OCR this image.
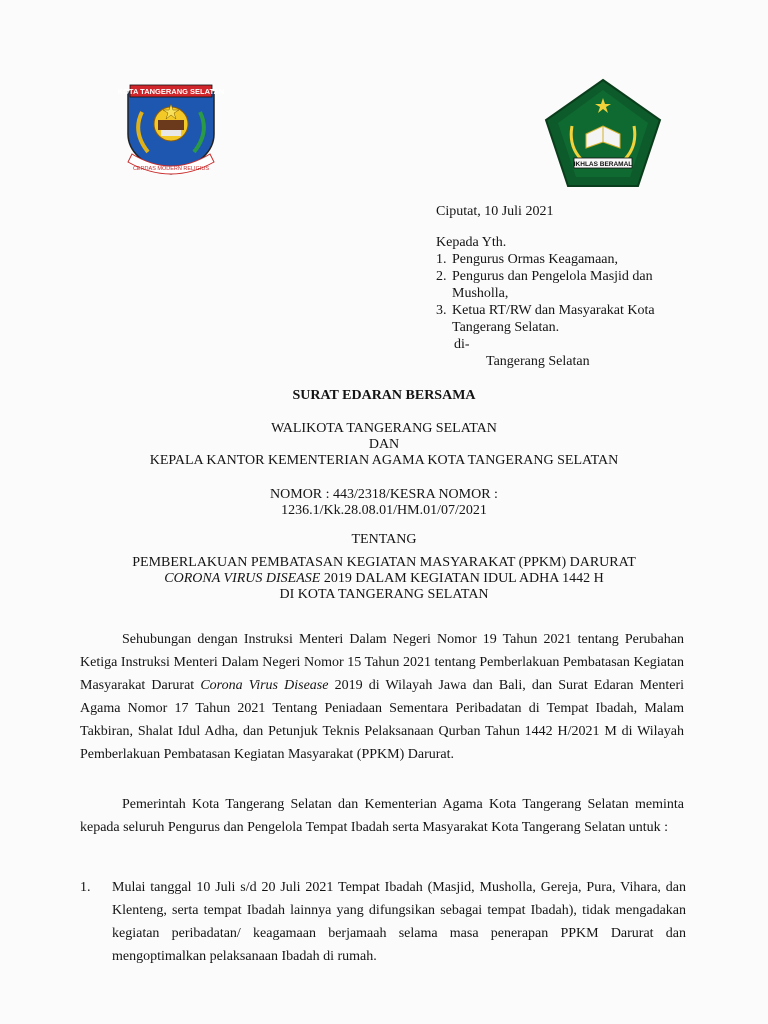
KOTA TANGERANG SELATAN
CERDAS MODERN RELIGIUS
IKHLAS BERAMAL
Ciputat, 10 Juli 2021
Kepada Yth.
1. Pengurus Ormas Keagamaan,
2. Pengurus dan Pengelola Masjid dan Musholla,
3. Ketua RT/RW dan Masyarakat Kota Tangerang Selatan.
di-
Tangerang Selatan
SURAT EDARAN BERSAMA
WALIKOTA TANGERANG SELATAN
DAN
KEPALA KANTOR KEMENTERIAN AGAMA KOTA TANGERANG SELATAN
NOMOR : 443/2318/KESRA NOMOR :
1236.1/Kk.28.08.01/HM.01/07/2021
TENTANG
PEMBERLAKUAN PEMBATASAN KEGIATAN MASYARAKAT (PPKM) DARURAT
CORONA VIRUS DISEASE 2019 DALAM KEGIATAN IDUL ADHA 1442 H
DI KOTA TANGERANG SELATAN
Sehubungan dengan Instruksi Menteri Dalam Negeri Nomor 19 Tahun 2021 tentang Perubahan Ketiga Instruksi Menteri Dalam Negeri Nomor 15 Tahun 2021 tentang Pemberlakuan Pembatasan Kegiatan Masyarakat Darurat Corona Virus Disease 2019 di Wilayah Jawa dan Bali, dan Surat Edaran Menteri Agama Nomor 17 Tahun 2021 Tentang Peniadaan Sementara Peribadatan di Tempat Ibadah, Malam Takbiran, Shalat Idul Adha, dan Petunjuk Teknis Pelaksanaan Qurban Tahun 1442 H/2021 M di Wilayah Pemberlakuan Pembatasan Kegiatan Masyarakat (PPKM) Darurat.
Pemerintah Kota Tangerang Selatan dan Kementerian Agama Kota Tangerang Selatan meminta kepada seluruh Pengurus dan Pengelola Tempat Ibadah serta Masyarakat Kota Tangerang Selatan untuk :
1. Mulai tanggal 10 Juli s/d 20 Juli 2021 Tempat Ibadah (Masjid, Musholla, Gereja, Pura, Vihara, dan Klenteng, serta tempat Ibadah lainnya yang difungsikan sebagai tempat Ibadah), tidak mengadakan kegiatan peribadatan/ keagamaan berjamaah selama masa penerapan PPKM Darurat dan mengoptimalkan pelaksanaan Ibadah di rumah.
